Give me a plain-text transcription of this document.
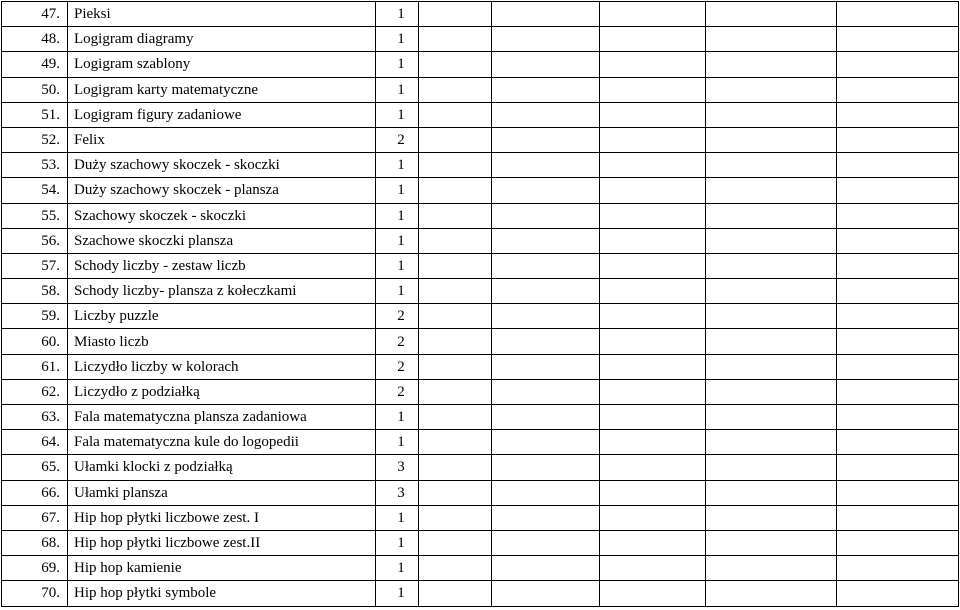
47.	Pieksi	1					
48.	Logigram diagramy	1					
49.	Logigram szablony	1					
50.	Logigram karty matematyczne	1					
51.	Logigram figury zadaniowe	1					
52.	Felix	2					
53.	Duży szachowy skoczek - skoczki	1					
54.	Duży szachowy skoczek - plansza	1					
55.	Szachowy skoczek - skoczki	1					
56.	Szachowe skoczki plansza	1					
57.	Schody liczby - zestaw liczb	1					
58.	Schody liczby- plansza z kołeczkami	1					
59.	Liczby puzzle	2					
60.	Miasto liczb	2					
61.	Liczydło liczby w kolorach	2					
62.	Liczydło z podziałką	2					
63.	Fala matematyczna plansza zadaniowa	1					
64.	Fala matematyczna kule do logopedii	1					
65.	Ułamki klocki z podziałką	3					
66.	Ułamki plansza	3					
67.	Hip hop płytki liczbowe zest. I	1					
68.	Hip hop płytki liczbowe zest.II	1					
69.	Hip hop kamienie	1					
70.	Hip hop płytki symbole	1					
